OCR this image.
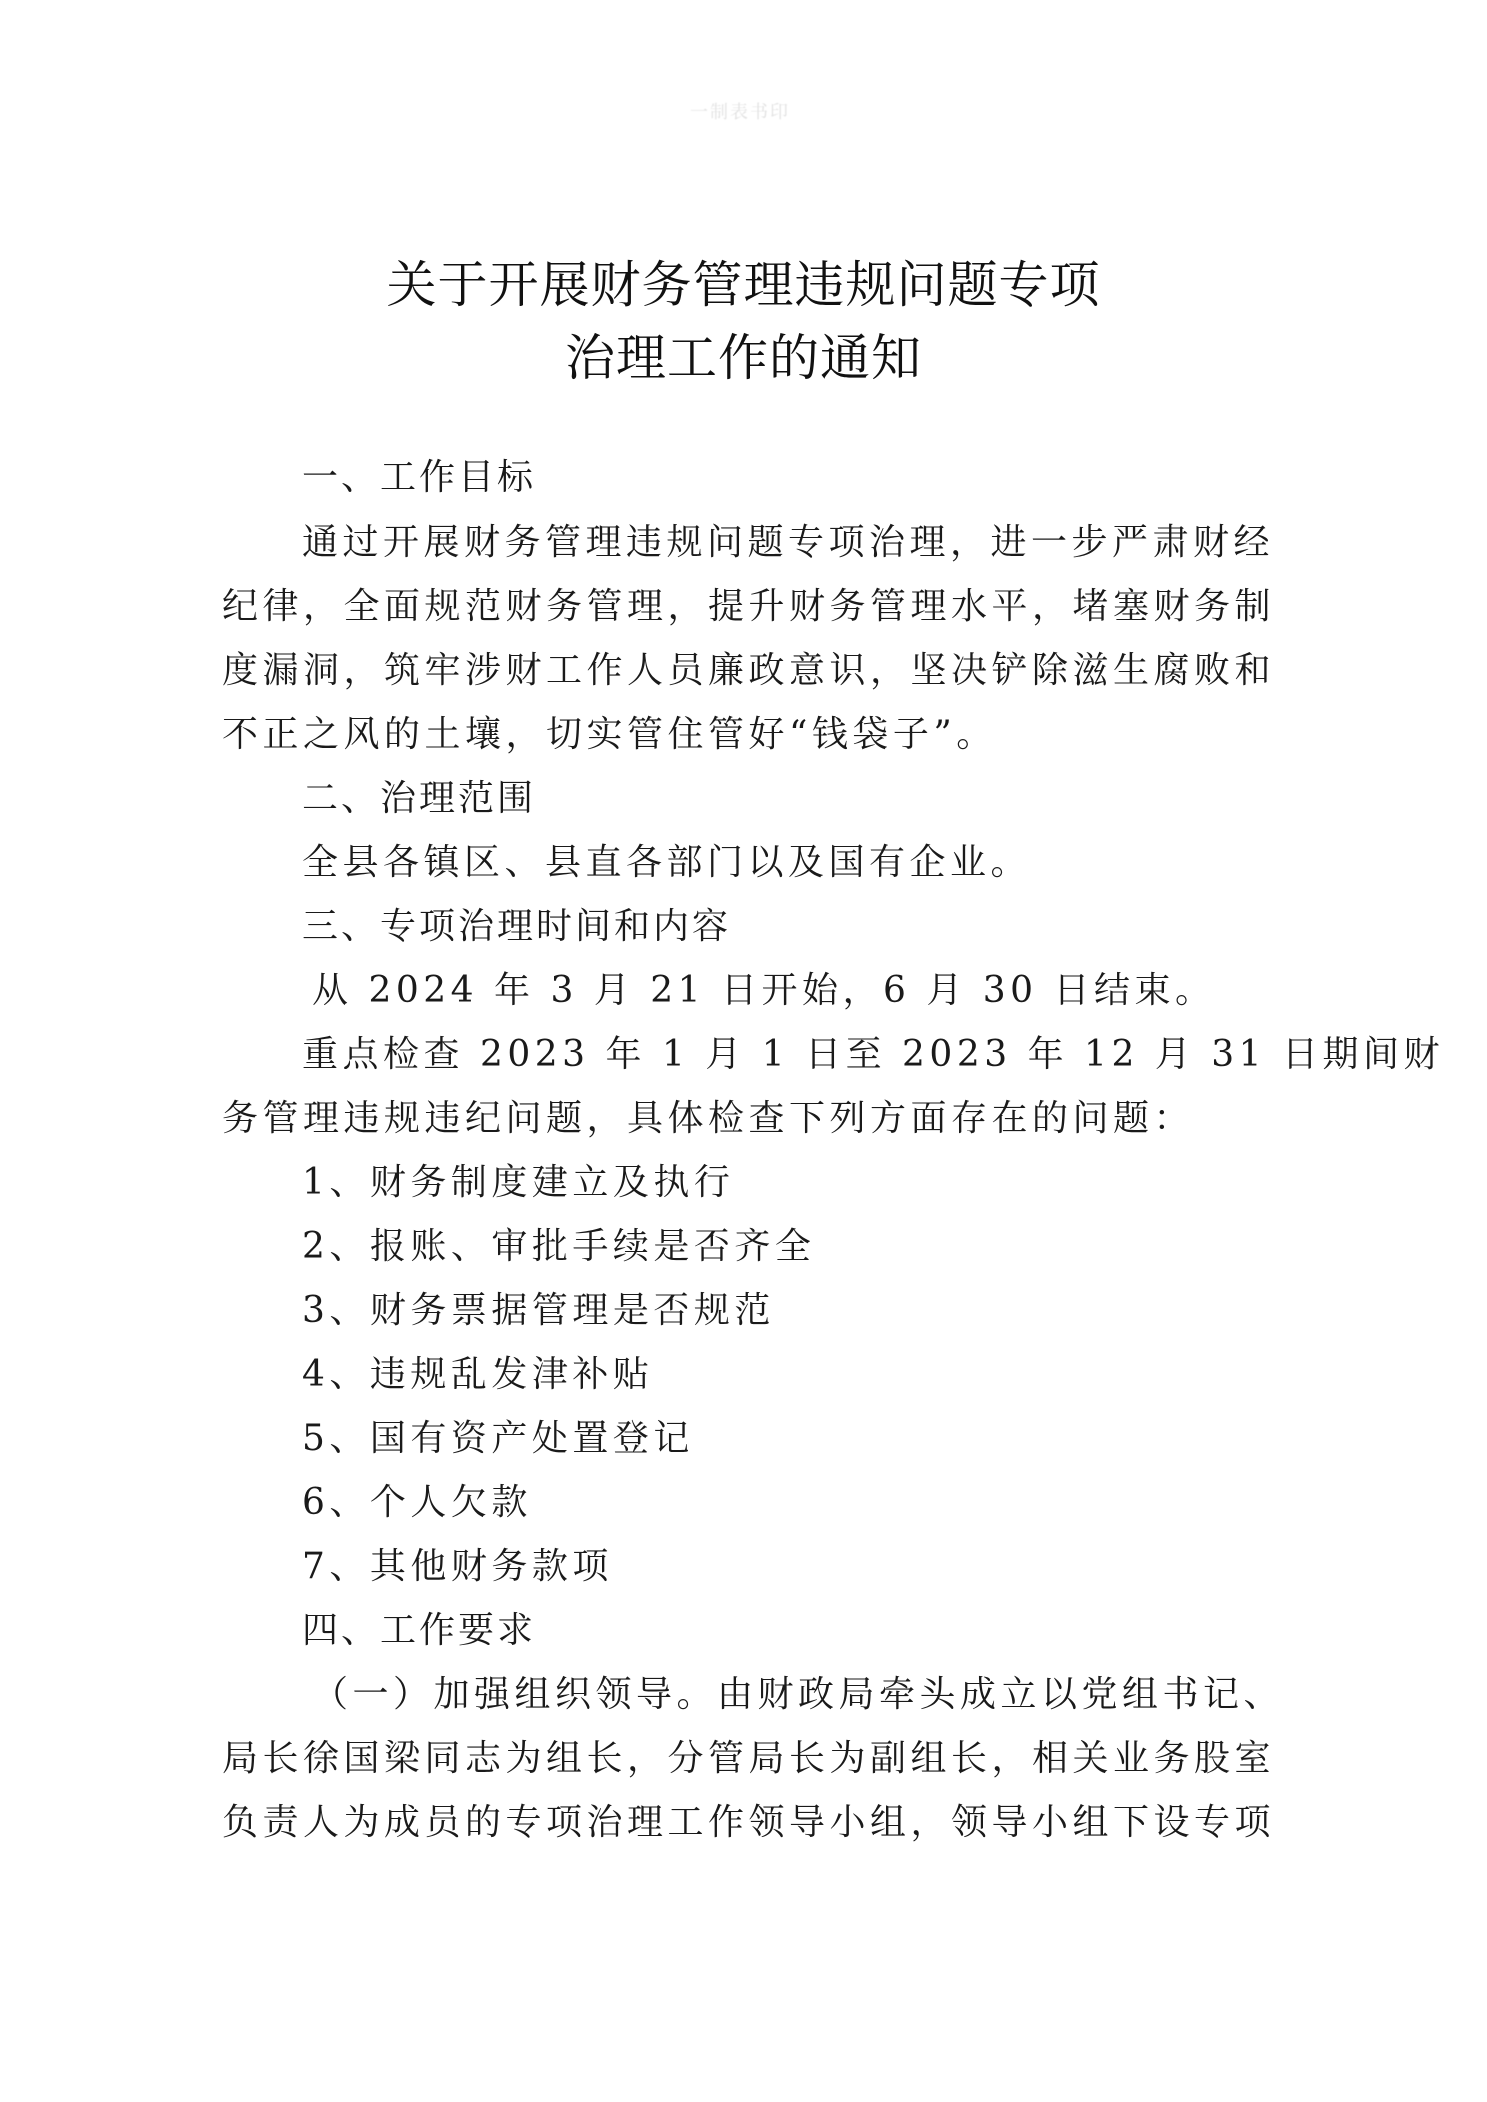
一制表书印
关于开展财务管理违规问题专项
治理工作的通知
一、工作目标
通过开展财务管理违规问题专项治理，进一步严肃财经
纪律，全面规范财务管理，提升财务管理水平，堵塞财务制
度漏洞，筑牢涉财工作人员廉政意识，坚决铲除滋生腐败和
不正之风的土壤，切实管住管好“钱袋子”。
二、治理范围
全县各镇区、县直各部门以及国有企业。
三、专项治理时间和内容
从 2024 年 3 月 21 日开始，6 月 30 日结束。
重点检查 2023 年 1 月 1 日至 2023 年 12 月 31 日期间财
务管理违规违纪问题，具体检查下列方面存在的问题：
1、财务制度建立及执行
2、报账、审批手续是否齐全
3、财务票据管理是否规范
4、违规乱发津补贴
5、国有资产处置登记
6、个人欠款
7、其他财务款项
四、工作要求
（一）加强组织领导。由财政局牵头成立以党组书记、
局长徐国梁同志为组长，分管局长为副组长，相关业务股室
负责人为成员的专项治理工作领导小组，领导小组下设专项
